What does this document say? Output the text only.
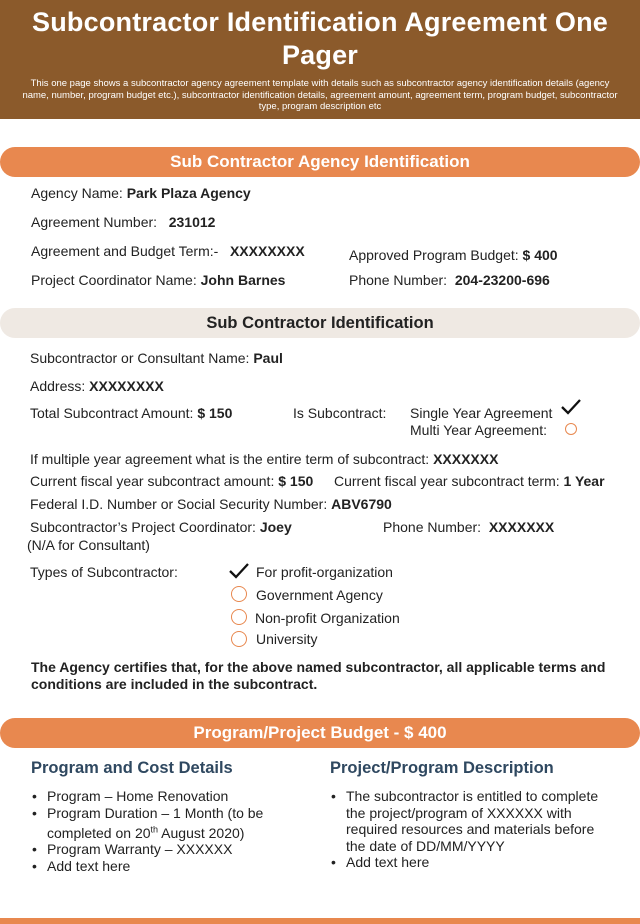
Subcontractor Identification Agreement One Pager

This one page shows a subcontractor agency agreement template with details such as subcontractor agency identification details (agency name, number, program budget etc.), subcontractor identification details, agreement amount, agreement term, program budget, subcontractor type, program description etc

Sub Contractor Agency Identification
Agency Name: Park Plaza Agency
Agreement Number: 231012
Agreement and Budget Term:- XXXXXXXX	Approved Program Budget: $ 400
Project Coordinator Name: John Barnes	Phone Number: 204-23200-696
Sub Contractor Identification
Subcontractor or Consultant Name: Paul
Address: XXXXXXXX
Total Subcontract Amount: $ 150	Is Subcontract: Single Year Agreement
Multi Year Agreement:
If multiple year agreement what is the entire term of subcontract: XXXXXXX
Current fiscal year subcontract amount: $ 150 Current fiscal year subcontract term: 1 Year
Federal I.D. Number or Social Security Number: ABV6790
Subcontractor’s Project Coordinator: Joey	Phone Number: XXXXXXX
(N/A for Consultant)
Types of Subcontractor:	For profit-organization
Government Agency
Non-profit Organization
University
The Agency certifies that, for the above named subcontractor, all applicable terms and conditions are included in the subcontract.
Program/Project Budget - $ 400
Program and Cost Details
• Program – Home Renovation
• Program Duration – 1 Month (to be completed on 20th August 2020)
• Program Warranty – XXXXXX
• Add text here
Project/Program Description
• The subcontractor is entitled to complete the project/program of XXXXXX with required resources and materials before the date of DD/MM/YYYY
• Add text here
